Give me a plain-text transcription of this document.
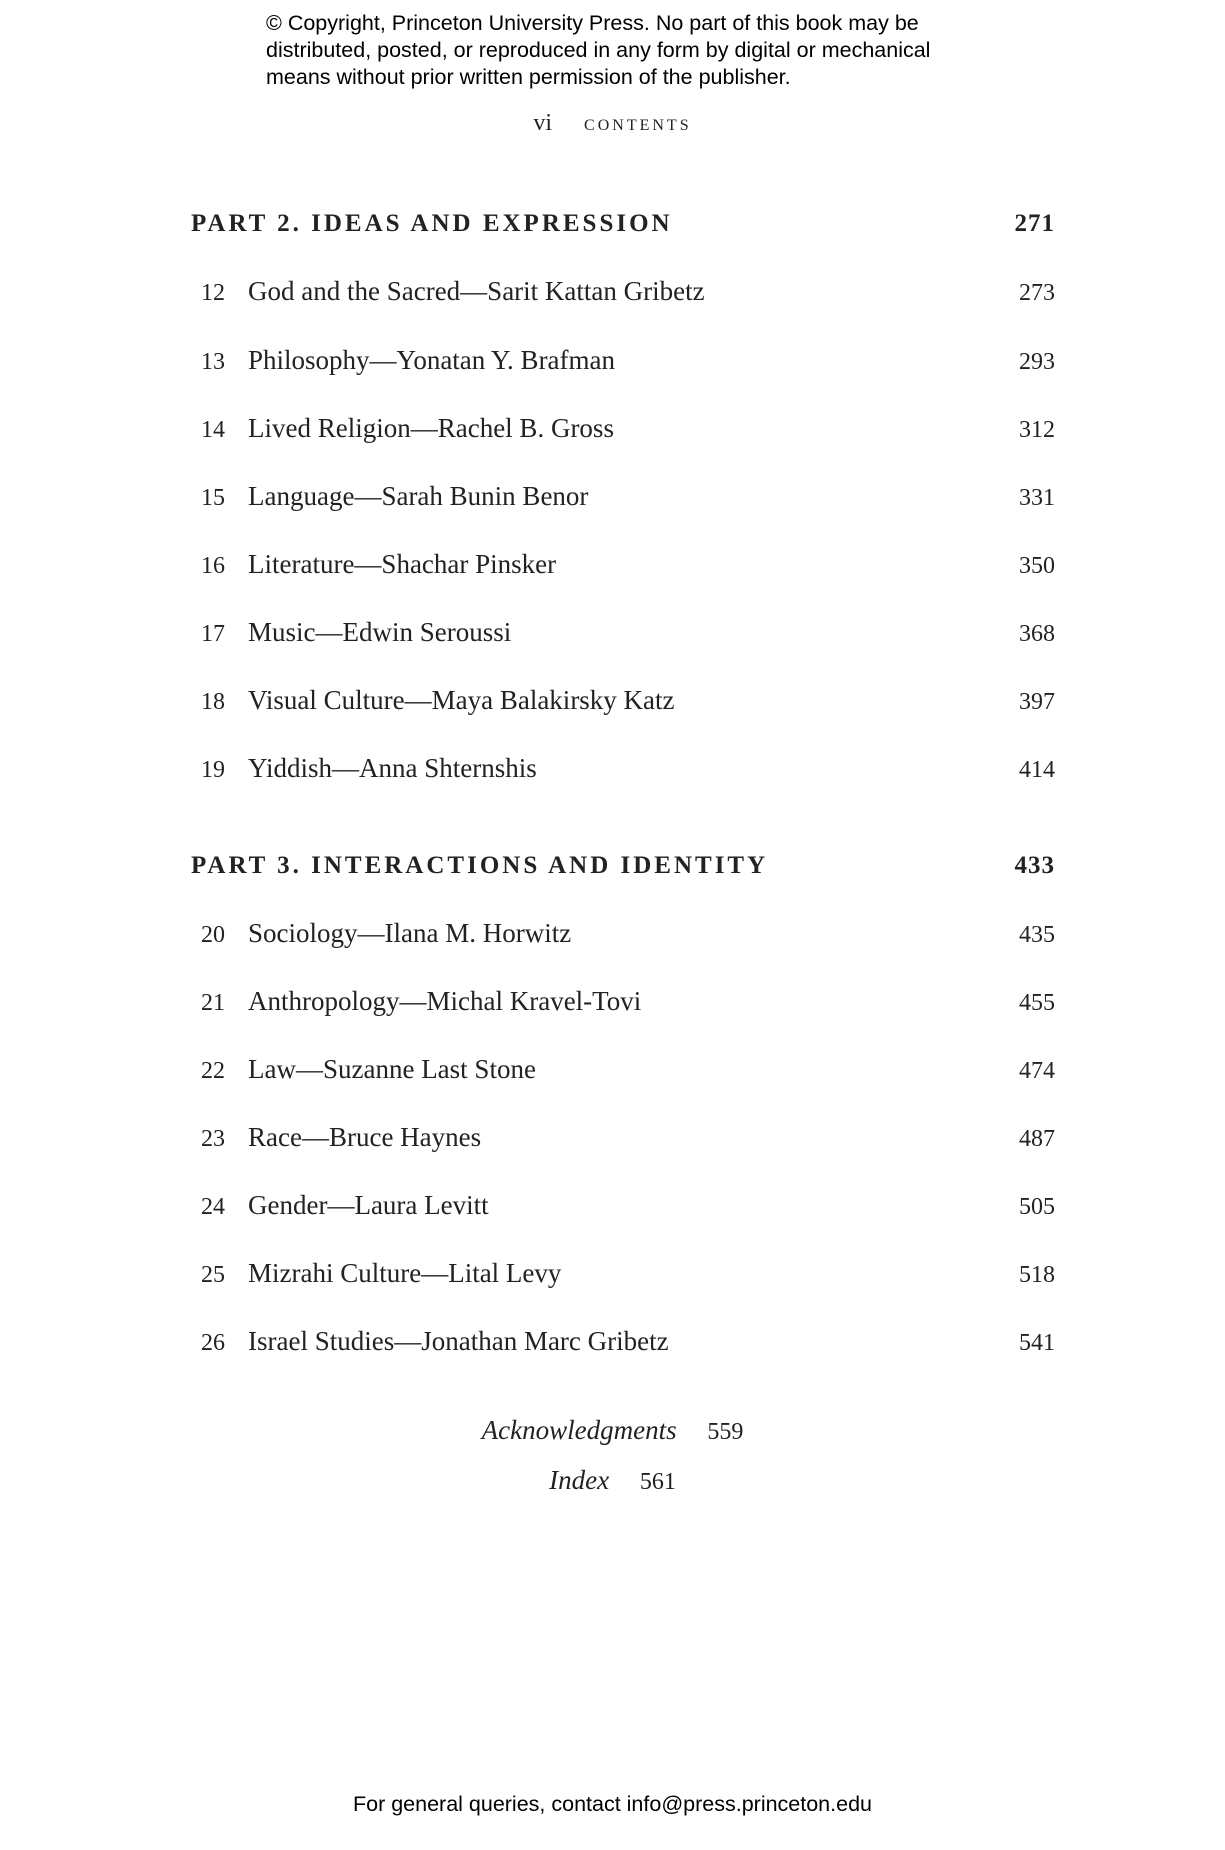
© Copyright, Princeton University Press. No part of this book may be
distributed, posted, or reproduced in any form by digital or mechanical
means without prior written permission of the publisher.
vi contents
PART 2. IDEAS AND EXPRESSION	271
12 God and the Sacred—Sarit Kattan Gribetz	273
13 Philosophy—Yonatan Y. Brafman	293
14 Lived Religion—Rachel B. Gross	312
15 Language—Sarah Bunin Benor	331
16 Literature—Shachar Pinsker	350
17 Music—Edwin Seroussi	368
18 Visual Culture—Maya Balakirsky Katz	397
19 Yiddish—Anna Shternshis	414
PART 3. INTERACTIONS AND IDENTITY	433
20 Sociology—Ilana M. Horwitz	435
21 Anthropology—Michal Kravel-Tovi	455
22 Law—Suzanne Last Stone	474
23 Race—Bruce Haynes	487
24 Gender—Laura Levitt	505
25 Mizrahi Culture—Lital Levy	518
26 Israel Studies—Jonathan Marc Gribetz	541
Acknowledgments 559
Index 561
For general queries, contact info@press.princeton.edu
